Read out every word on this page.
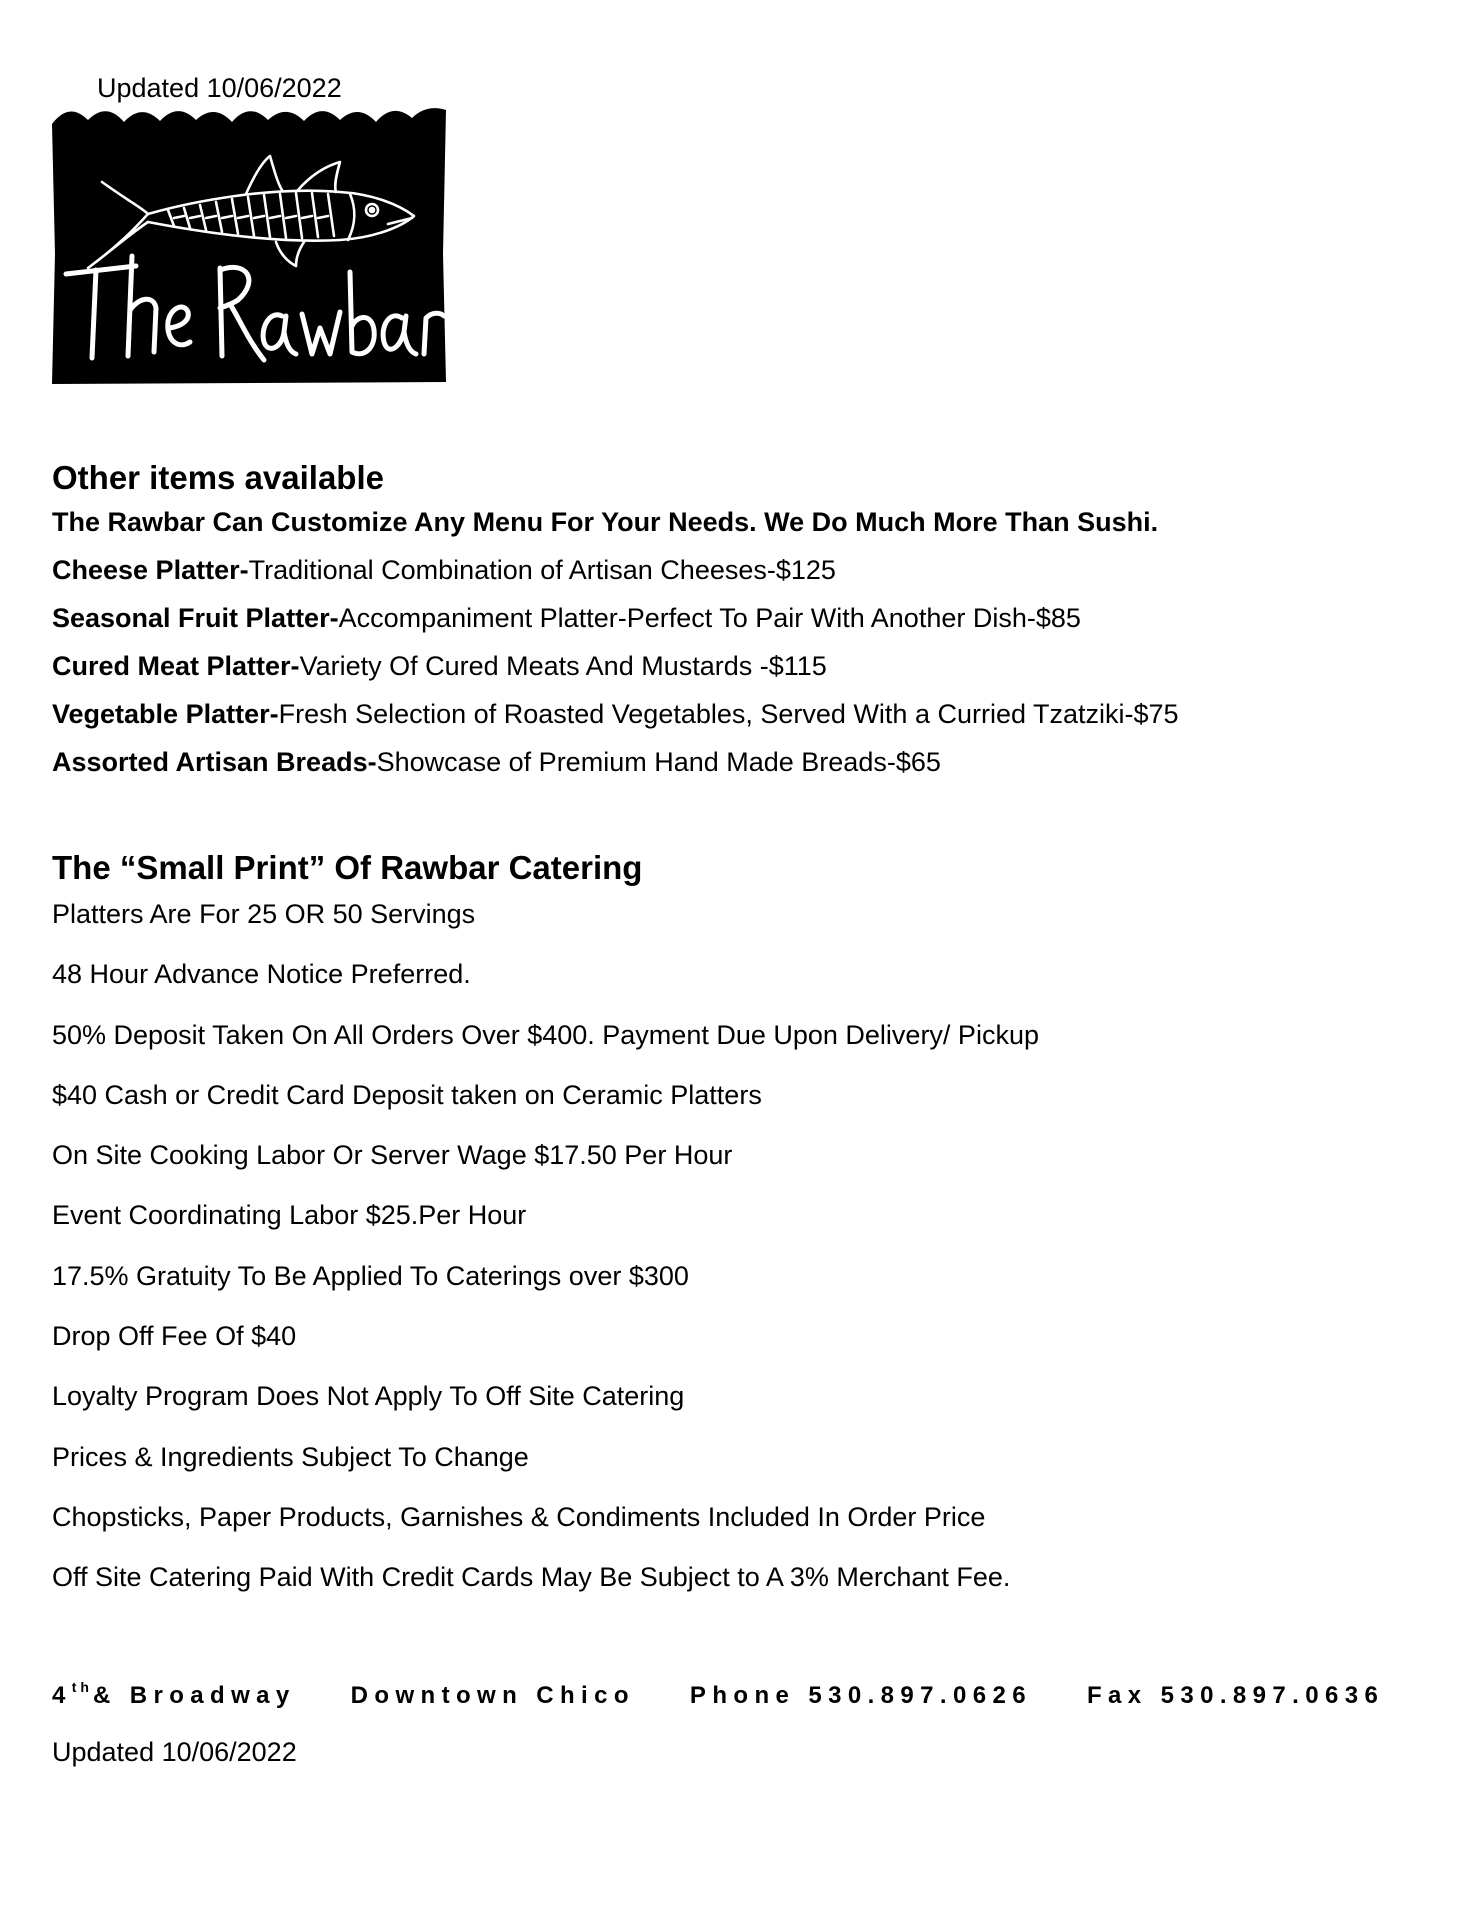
Updated 10/06/2022
Other items available

The Rawbar Can Customize Any Menu For Your Needs. We Do Much More Than Sushi.

Cheese Platter-Traditional Combination of Artisan Cheeses-$125

Seasonal Fruit Platter-Accompaniment Platter-Perfect To Pair With Another Dish-$85

Cured Meat Platter-Variety Of Cured Meats And Mustards -$115

Vegetable Platter-Fresh Selection of Roasted Vegetables, Served With a Curried Tzatziki-$75

Assorted Artisan Breads-Showcase of Premium Hand Made Breads-$65

The “Small Print” Of Rawbar Catering

Platters Are For 25 OR 50 Servings

48 Hour Advance Notice Preferred.

50% Deposit Taken On All Orders Over $400. Payment Due Upon Delivery/ Pickup

$40 Cash or Credit Card Deposit taken on Ceramic Platters

On Site Cooking Labor Or Server Wage $17.50 Per Hour

Event Coordinating Labor $25.Per Hour

17.5% Gratuity To Be Applied To Caterings over $300

Drop Off Fee Of $40

Loyalty Program Does Not Apply To Off Site Catering

Prices & Ingredients Subject To Change

Chopsticks, Paper Products, Garnishes & Condiments Included In Order Price

Off Site Catering Paid With Credit Cards May Be Subject to A 3% Merchant Fee.

4th& Broadway Downtown Chico Phone 530.897.0626 Fax 530.897.0636
Updated 10/06/2022
